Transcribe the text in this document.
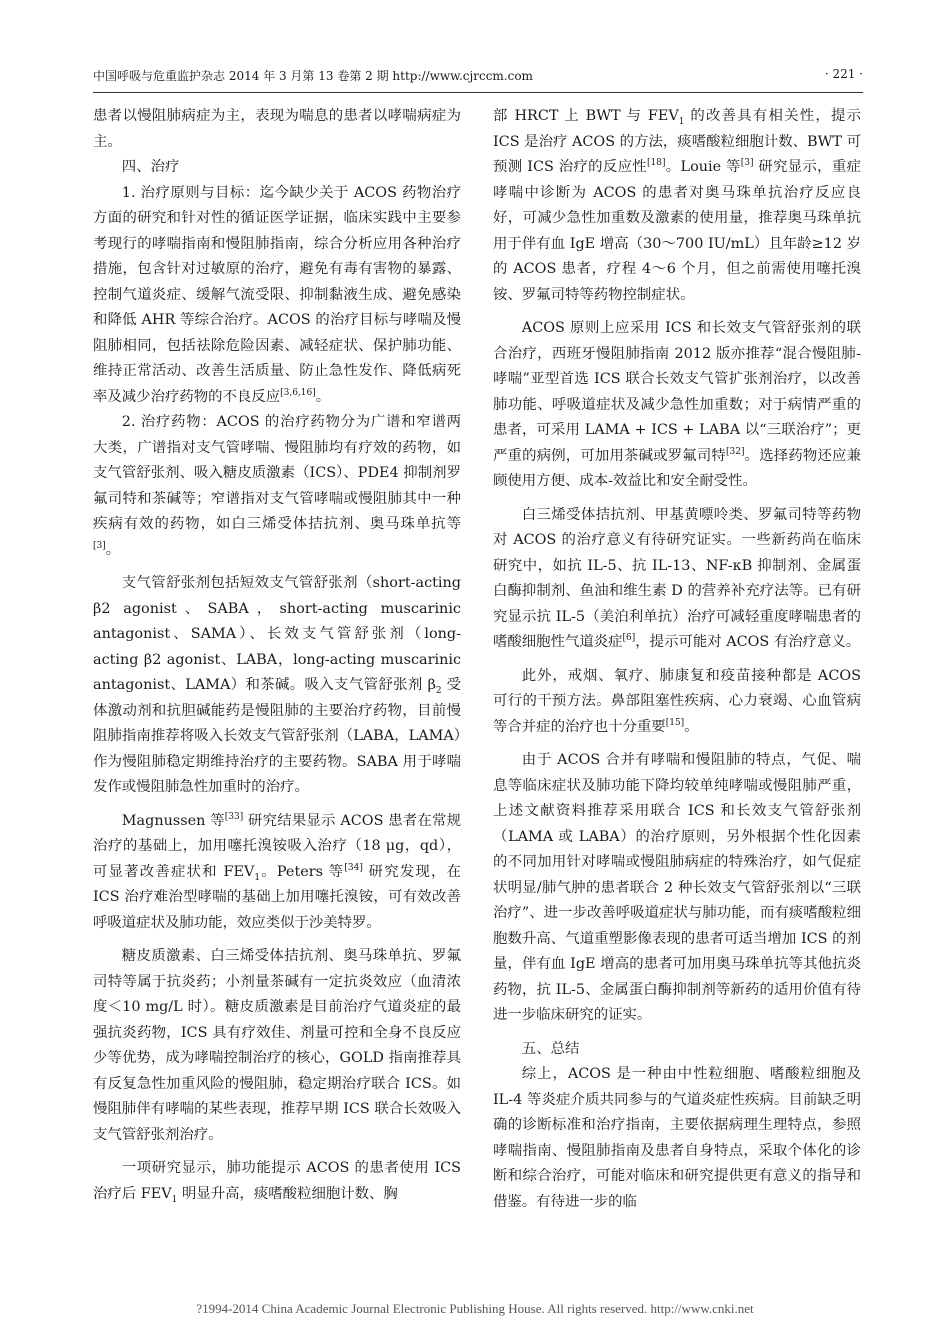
中国呼吸与危重监护杂志 2014 年 3 月第 13 卷第 2 期 http://www.cjrccm.com	· 221 ·

患者以慢阻肺病症为主，表现为喘息的患者以哮喘病症为主。

四、治疗

1. 治疗原则与目标：迄今缺少关于 ACOS 药物治疗方面的研究和针对性的循证医学证据，临床实践中主要参考现行的哮喘指南和慢阻肺指南，综合分析应用各种治疗措施，包含针对过敏原的治疗，避免有毒有害物的暴露、控制气道炎症、缓解气流受限、抑制黏液生成、避免感染和降低 AHR 等综合治疗。ACOS 的治疗目标与哮喘及慢阻肺相同，包括祛除危险因素、减轻症状、保护肺功能、维持正常活动、改善生活质量、防止急性发作、降低病死率及减少治疗药物的不良反应[3,6,16]。

2. 治疗药物：ACOS 的治疗药物分为广谱和窄谱两大类，广谱指对支气管哮喘、慢阻肺均有疗效的药物，如支气管舒张剂、吸入糖皮质激素（ICS）、PDE4 抑制剂罗氟司特和茶碱等；窄谱指对支气管哮喘或慢阻肺其中一种疾病有效的药物，如白三烯受体拮抗剂、奥马珠单抗等[3]。

支气管舒张剂包括短效支气管舒张剂（short-acting β2 agonist、SABA，short-acting muscarinic antagonist、SAMA）、长效支气管舒张剂（long-acting β2 agonist、LABA，long-acting muscarinic antagonist、LAMA）和茶碱。吸入支气管舒张剂 $\beta_2$ 受体激动剂和抗胆碱能药是慢阻肺的主要治疗药物，目前慢阻肺指南推荐将吸入长效支气管舒张剂（LABA，LAMA）作为慢阻肺稳定期维持治疗的主要药物。SABA 用于哮喘发作或慢阻肺急性加重时的治疗。

Magnussen 等[33] 研究结果显示 ACOS 患者在常规治疗的基础上，加用噻托溴铵吸入治疗（18 μg，qd），可显著改善症状和 $FEV_1$。Peters 等[34] 研究发现，在 ICS 治疗难治型哮喘的基础上加用噻托溴铵，可有效改善呼吸道症状及肺功能，效应类似于沙美特罗。

糖皮质激素、白三烯受体拮抗剂、奥马珠单抗、罗氟司特等属于抗炎药；小剂量茶碱有一定抗炎效应（血清浓度＜10 mg/L 时）。糖皮质激素是目前治疗气道炎症的最强抗炎药物，ICS 具有疗效佳、剂量可控和全身不良反应少等优势，成为哮喘控制治疗的核心，GOLD 指南推荐具有反复急性加重风险的慢阻肺，稳定期治疗联合 ICS。如慢阻肺伴有哮喘的某些表现，推荐早期 ICS 联合长效吸入支气管舒张剂治疗。

一项研究显示，肺功能提示 ACOS 的患者使用 ICS 治疗后 $FEV_1$ 明显升高，痰嗜酸粒细胞计数、胸

部 HRCT 上 BWT 与 $FEV_1$ 的改善具有相关性，提示 ICS 是治疗 ACOS 的方法，痰嗜酸粒细胞计数、BWT 可预测 ICS 治疗的反应性[18]。Louie 等[3] 研究显示，重症哮喘中诊断为 ACOS 的患者对奥马珠单抗治疗反应良好，可减少急性加重数及激素的使用量，推荐奥马珠单抗用于伴有血 IgE 增高（30～700 IU/mL）且年龄≥12 岁的 ACOS 患者，疗程 4～6 个月，但之前需使用噻托溴铵、罗氟司特等药物控制症状。

ACOS 原则上应采用 ICS 和长效支气管舒张剂的联合治疗，西班牙慢阻肺指南 2012 版亦推荐“混合慢阻肺-哮喘”亚型首选 ICS 联合长效支气管扩张剂治疗，以改善肺功能、呼吸道症状及减少急性加重数；对于病情严重的患者，可采用 LAMA + ICS + LABA 以“三联治疗”；更严重的病例，可加用茶碱或罗氟司特[32]。选择药物还应兼顾使用方便、成本-效益比和安全耐受性。

白三烯受体拮抗剂、甲基黄嘌呤类、罗氟司特等药物对 ACOS 的治疗意义有待研究证实。一些新药尚在临床研究中，如抗 IL-5、抗 IL-13、NF-κB 抑制剂、金属蛋白酶抑制剂、鱼油和维生素 D 的营养补充疗法等。已有研究显示抗 IL-5（美泊利单抗）治疗可减轻重度哮喘患者的嗜酸细胞性气道炎症[6]，提示可能对 ACOS 有治疗意义。

此外，戒烟、氧疗、肺康复和疫苗接种都是 ACOS 可行的干预方法。鼻部阻塞性疾病、心力衰竭、心血管病等合并症的治疗也十分重要[15]。

由于 ACOS 合并有哮喘和慢阻肺的特点，气促、喘息等临床症状及肺功能下降均较单纯哮喘或慢阻肺严重，上述文献资料推荐采用联合 ICS 和长效支气管舒张剂（LAMA 或 LABA）的治疗原则，另外根据个性化因素的不同加用针对哮喘或慢阻肺病症的特殊治疗，如气促症状明显/肺气肿的患者联合 2 种长效支气管舒张剂以“三联治疗”、进一步改善呼吸道症状与肺功能，而有痰嗜酸粒细胞数升高、气道重塑影像表现的患者可适当增加 ICS 的剂量，伴有血 IgE 增高的患者可加用奥马珠单抗等其他抗炎药物，抗 IL-5、金属蛋白酶抑制剂等新药的适用价值有待进一步临床研究的证实。

五、总结

综上，ACOS 是一种由中性粒细胞、嗜酸粒细胞及 IL-4 等炎症介质共同参与的气道炎症性疾病。目前缺乏明确的诊断标准和治疗指南，主要依据病理生理特点，参照哮喘指南、慢阻肺指南及患者自身特点，采取个体化的诊断和综合治疗，可能对临床和研究提供更有意义的指导和借鉴。有待进一步的临

?1994-2014 China Academic Journal Electronic Publishing House. All rights reserved. http://www.cnki.net
